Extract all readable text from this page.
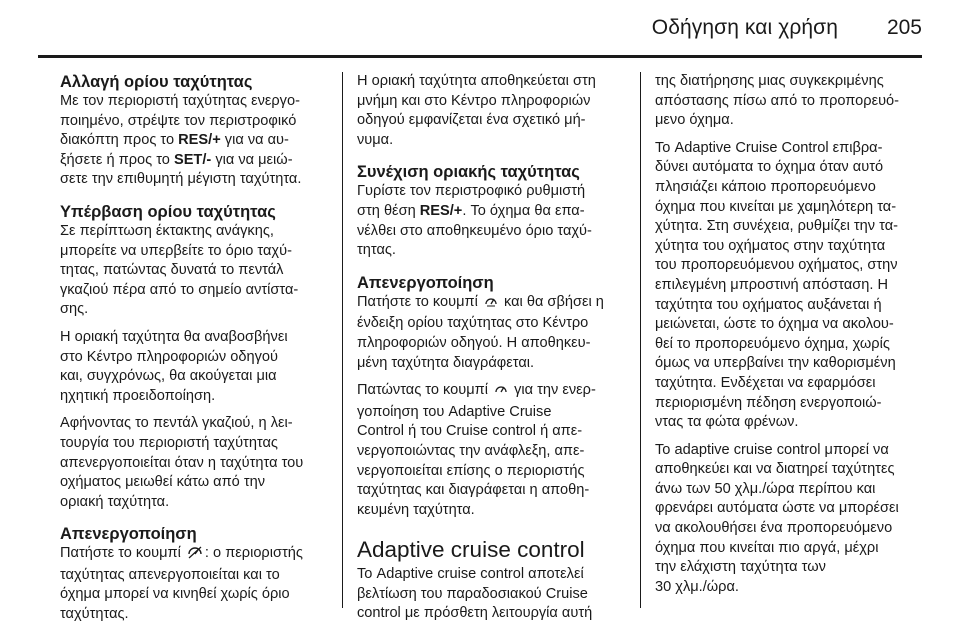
Οδήγηση και χρήση 205
Αλλαγή ορίου ταχύτητας
Με τον περιοριστή ταχύτητας ενεργο-
ποιημένο, στρέψτε τον περιστροφικό
διακόπτη προς το RES/+ για να αυ-
ξήσετε ή προς το SET/- για να μειώ-
σετε την επιθυμητή μέγιστη ταχύτητα.
Υπέρβαση ορίου ταχύτητας

Σε περίπτωση έκτακτης ανάγκης,
μπορείτε να υπερβείτε το όριο ταχύ-
τητας, πατώντας δυνατά το πεντάλ
γκαζιού πέρα από το σημείο αντίστα-
σης.

Η οριακή ταχύτητα θα αναβοσβήνει
στο Κέντρο πληροφοριών οδηγού
και, συγχρόνως, θα ακούγεται μια
ηχητική προειδοποίηση.

Αφήνοντας το πεντάλ γκαζιού, η λει-
τουργία του περιοριστή ταχύτητας
απενεργοποιείται όταν η ταχύτητα του
οχήματος μειωθεί κάτω από την
οριακή ταχύτητα.

Απενεργοποίηση
Πατήστε το κουμπί : ο περιοριστής
ταχύτητας απενεργοποιείται και το
όχημα μπορεί να κινηθεί χωρίς όριο
ταχύτητας.

Η οριακή ταχύτητα αποθηκεύεται στη
μνήμη και στο Κέντρο πληροφοριών
οδηγού εμφανίζεται ένα σχετικό μή-
νυμα.

Συνέχιση οριακής ταχύτητας
Γυρίστε τον περιστροφικό ρυθμιστή
στη θέση RES/+. Το όχημα θα επα-
νέλθει στο αποθηκευμένο όριο ταχύ-
τητας.
Απενεργοποίηση

Πατήστε το κουμπί  και θα σβήσει η
ένδειξη ορίου ταχύτητας στο Κέντρο
πληροφοριών οδηγού. Η αποθηκευ-
μένη ταχύτητα διαγράφεται.

Πατώντας το κουμπί  για την ενερ-
γοποίηση του Adaptive Cruise
Control ή του Cruise control ή απε-
νεργοποιώντας την ανάφλεξη, απε-
νεργοποιείται επίσης ο περιοριστής
ταχύτητας και διαγράφεται η αποθη-
κευμένη ταχύτητα.

Adaptive cruise control
Το Adaptive cruise control αποτελεί
βελτίωση του παραδοσιακού Cruise
control με πρόσθετη λειτουργία αυτή

της διατήρησης μιας συγκεκριμένης
απόστασης πίσω από το προπορευό-
μενο όχημα.

Το Adaptive Cruise Control επιβρα-
δύνει αυτόματα το όχημα όταν αυτό
πλησιάζει κάποιο προπορευόμενο
όχημα που κινείται με χαμηλότερη τα-
χύτητα. Στη συνέχεια, ρυθμίζει την τα-
χύτητα του οχήματος στην ταχύτητα
του προπορευόμενου οχήματος, στην
επιλεγμένη μπροστινή απόσταση. Η
ταχύτητα του οχήματος αυξάνεται ή
μειώνεται, ώστε το όχημα να ακολου-
θεί το προπορευόμενο όχημα, χωρίς
όμως να υπερβαίνει την καθορισμένη
ταχύτητα. Ενδέχεται να εφαρμόσει
περιορισμένη πέδηση ενεργοποιώ-
ντας τα φώτα φρένων.

Το adaptive cruise control μπορεί να
αποθηκεύει και να διατηρεί ταχύτητες
άνω των 50 χλμ./ώρα περίπου και
φρενάρει αυτόματα ώστε να μπορέσει
να ακολουθήσει ένα προπορευόμενο
όχημα που κινείται πιο αργά, μέχρι
την ελάχιστη ταχύτητα των
30 χλμ./ώρα.
